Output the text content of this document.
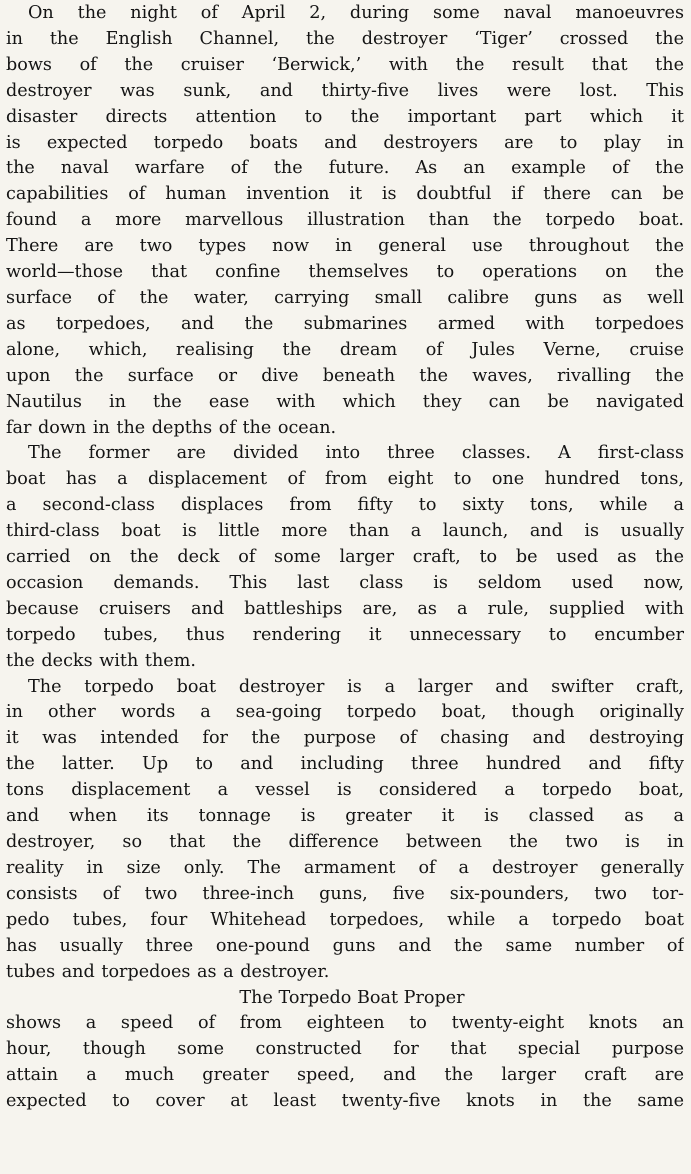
On the night of April 2, during some naval manoeuvres
in the English Channel, the destroyer ‘Tiger’ crossed the
bows of the cruiser ‘Berwick,’ with the result that the
destroyer was sunk, and thirty-five lives were lost. This
disaster directs attention to the important part which it
is expected torpedo boats and destroyers are to play in
the naval warfare of the future. As an example of the
capabilities of human invention it is doubtful if there can be
found a more marvellous illustration than the torpedo boat.
There are two types now in general use throughout the
world—those that confine themselves to operations on the
surface of the water, carrying small calibre guns as well
as torpedoes, and the submarines armed with torpedoes
alone, which, realising the dream of Jules Verne, cruise
upon the surface or dive beneath the waves, rivalling the
Nautilus in the ease with which they can be navigated
far down in the depths of the ocean.
The former are divided into three classes. A first-class
boat has a displacement of from eight to one hundred tons,
a second-class displaces from fifty to sixty tons, while a
third-class boat is little more than a launch, and is usually
carried on the deck of some larger craft, to be used as the
occasion demands. This last class is seldom used now,
because cruisers and battleships are, as a rule, supplied with
torpedo tubes, thus rendering it unnecessary to encumber
the decks with them.
The torpedo boat destroyer is a larger and swifter craft,
in other words a sea-going torpedo boat, though originally
it was intended for the purpose of chasing and destroying
the latter. Up to and including three hundred and fifty
tons displacement a vessel is considered a torpedo boat,
and when its tonnage is greater it is classed as a
destroyer, so that the difference between the two is in
reality in size only. The armament of a destroyer generally
consists of two three-inch guns, five six-pounders, two tor-
pedo tubes, four Whitehead torpedoes, while a torpedo boat
has usually three one-pound guns and the same number of
tubes and torpedoes as a destroyer.
The Torpedo Boat Proper
shows a speed of from eighteen to twenty-eight knots an
hour, though some constructed for that special purpose
attain a much greater speed, and the larger craft are
expected to cover at least twenty-five knots in the same
